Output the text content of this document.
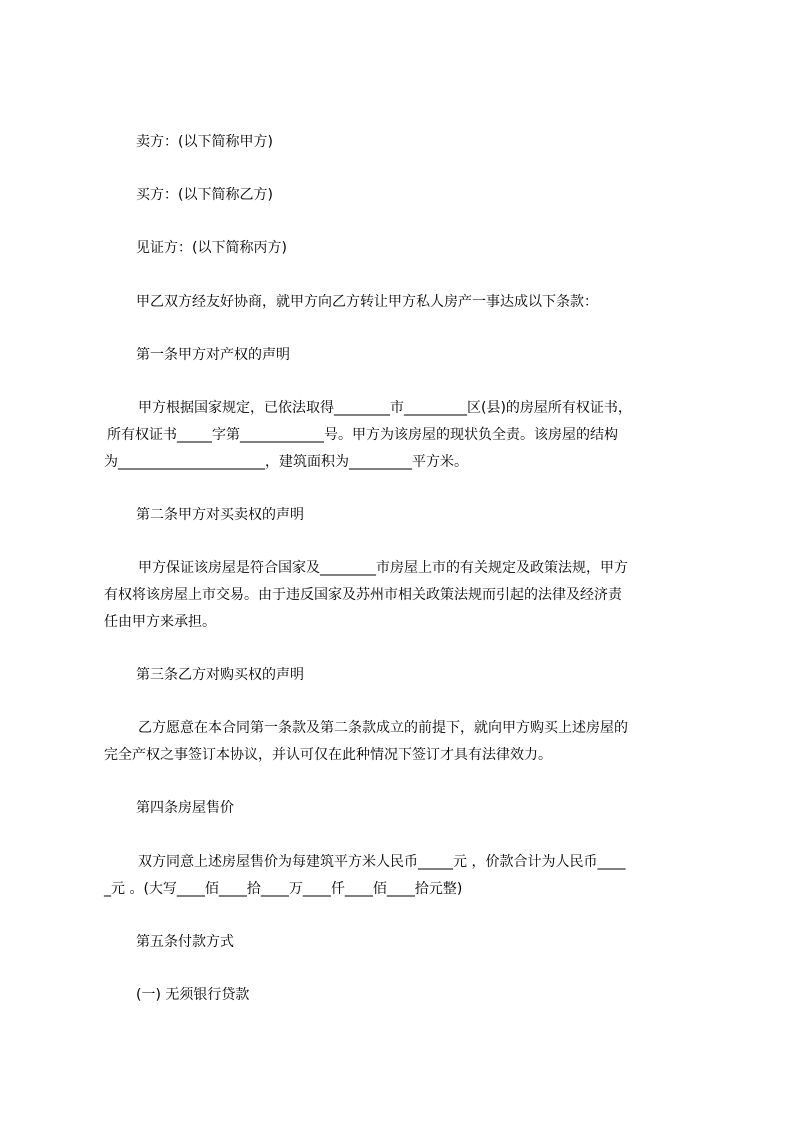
卖方：(以下简称甲方)
买方：(以下简称乙方)
见证方：(以下简称丙方)
甲乙双方经友好协商，就甲方向乙方转让甲方私人房产一事达成以下条款：
第一条甲方对产权的声明
甲方根据国家规定，已依法取得________市_________区(县)的房屋所有权证书，
所有权证书_____字第____________号。甲方为该房屋的现状负全责。该房屋的结构
为_____________________，建筑面积为_________平方米。
第二条甲方对买卖权的声明
甲方保证该房屋是符合国家及________市房屋上市的有关规定及政策法规，甲方
有权将该房屋上市交易。由于违反国家及苏州市相关政策法规而引起的法律及经济责
任由甲方来承担。
第三条乙方对购买权的声明
乙方愿意在本合同第一条款及第二条款成立的前提下，就向甲方购买上述房屋的
完全产权之事签订本协议，并认可仅在此种情况下签订才具有法律效力。
第四条房屋售价
双方同意上述房屋售价为每建筑平方米人民币_____元 ，价款合计为人民币____
_元 。(大写____佰____拾____万____仟____佰____拾元整)
第五条付款方式
(一) 无须银行贷款
